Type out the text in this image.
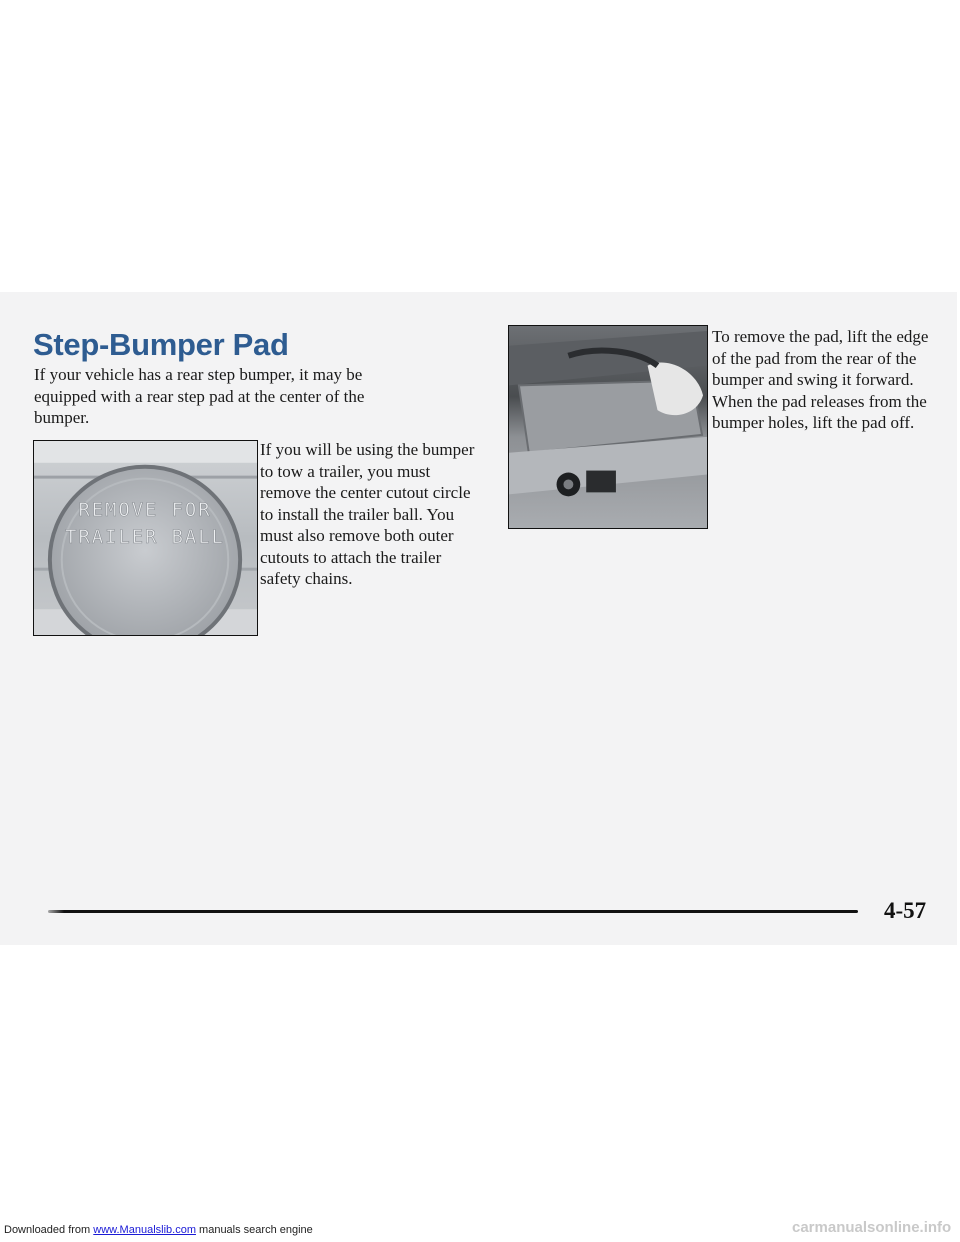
Step-Bumper Pad

If your vehicle has a rear step bumper, it may be equipped with a rear step pad at the center of the bumper.

REMOVE FOR
TRAILER BALL

If you will be using the bumper to tow a trailer, you must remove the center cutout circle to install the trailer ball. You must also remove both outer cutouts to attach the trailer safety chains.

To remove the pad, lift the edge of the pad from the rear of the bumper and swing it forward. When the pad releases from the bumper holes, lift the pad off.

4-57
Downloaded from www.Manualslib.com manuals search engine	carmanualsonline.info
